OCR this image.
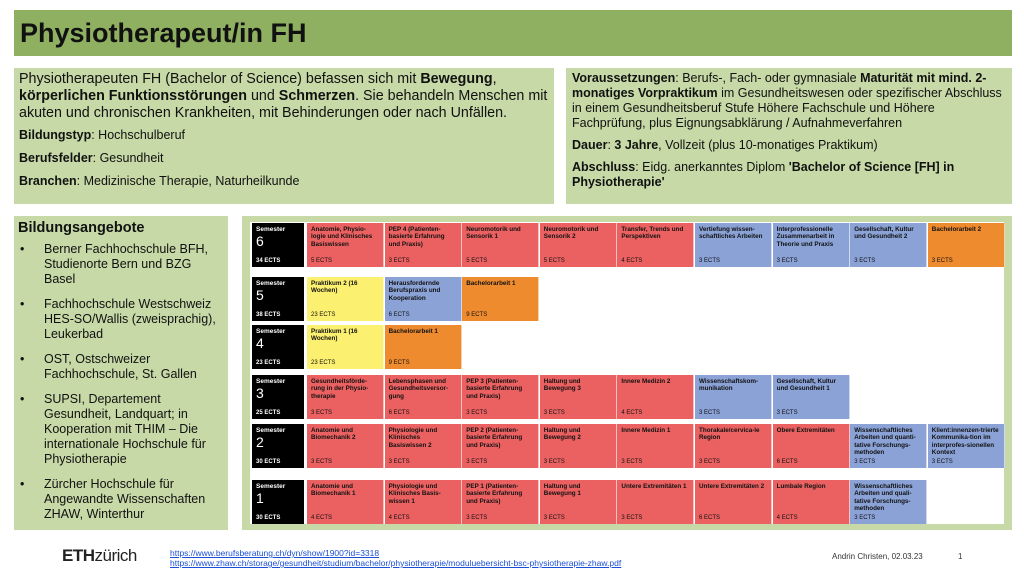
Physiotherapeut/in FH

Physiotherapeuten FH (Bachelor of Science) befassen sich mit Bewegung, körperlichen Funktionsstörungen und Schmerzen. Sie behandeln Menschen mit akuten und chronischen Krankheiten, mit Behinderungen oder nach Unfällen.

Bildungstyp: Hochschulberuf

Berufsfelder: Gesundheit

Branchen: Medizinische Therapie, Naturheilkunde

Voraussetzungen: Berufs-, Fach- oder gymnasiale Maturität mit mind. 2-monatiges Vorpraktikum im Gesundheitswesen oder spezifischer Abschluss in einem Gesundheitsberuf Stufe Höhere Fachschule und Höhere Fachprüfung, plus Eignungsabklärung / Aufnahmeverfahren

Dauer: 3 Jahre, Vollzeit (plus 10-monatiges Praktikum)

Abschluss: Eidg. anerkanntes Diplom 'Bachelor of Science [FH] in Physiotherapie'

Bildungsangebote
• Berner Fachhochschule BFH, Studienorte Bern und BZG Basel
• Fachhochschule Westschweiz HES-SO/Wallis (zweisprachig), Leukerbad
• OST, Ostschweizer Fachhochschule, St. Gallen
• SUPSI, Departement Gesundheit, Landquart; in Kooperation mit THIM – Die internationale Hochschule für Physiotherapie
• Zürcher Hochschule für Angewandte Wissenschaften ZHAW, Winterthur
Semester
6
34 ECTS
Anatomie, Physio-logie und Klinisches Basiswissen
5 ECTS
PEP 4 (Patienten-basierte Erfahrung und Praxis)
3 ECTS
Neuromotorik und Sensorik 1
5 ECTS
Neuromotorik und Sensorik 2
5 ECTS
Transfer, Trends und Perspektiven
4 ECTS
Vertiefung wissen-schaftliches Arbeiten
3 ECTS
Interprofessionelle Zusammenarbeit in Theorie und Praxis
3 ECTS
Gesellschaft, Kultur und Gesundheit 2
3 ECTS
Bachelorarbeit 2
3 ECTS
Semester
5
38 ECTS
Praktikum 2 (16 Wochen)
23 ECTS
Herausfordernde Berufspraxis und Kooperation
6 ECTS
Bachelorarbeit 1
9 ECTS
Semester
4
23 ECTS
Praktikum 1 (16 Wochen)
23 ECTS
Bachelorarbeit 1
9 ECTS
Semester
3
25 ECTS
Gesundheitsförde-rung in der Physio-therapie
3 ECTS
Lebensphasen und Gesundheitsversor-gung
6 ECTS
PEP 3 (Patienten-basierte Erfahrung und Praxis)
3 ECTS
Haltung und Bewegung 3
3 ECTS
Innere Medizin 2
4 ECTS
Wissenschaftskom-munikation
3 ECTS
Gesellschaft, Kultur und Gesundheit 1
3 ECTS
Semester
2
30 ECTS
Anatomie und Biomechanik 2
3 ECTS
Physiologie und Klinisches Basiswissen 2
3 ECTS
PEP 2 (Patienten-basierte Erfahrung und Praxis)
3 ECTS
Haltung und Bewegung 2
3 ECTS
Innere Medizin 1
3 ECTS
Thorakale/cervica-le Region
3 ECTS
Obere Extremitäten
6 ECTS
Wissenschaftliches Arbeiten und quanti-tative Forschungs-methoden
3 ECTS
Klient:innenzen-trierte Kommunika-tion im interprofes-sionellen Kontext
3 ECTS
Semester
1
30 ECTS
Anatomie und Biomechanik 1
4 ECTS
Physiologie und Klinisches Basis-wissen 1
4 ECTS
PEP 1 (Patienten-basierte Erfahrung und Praxis)
3 ECTS
Haltung und Bewegung 1
3 ECTS
Untere Extremitäten 1
3 ECTS
Untere Extremitäten 2
6 ECTS
Lumbale Region
4 ECTS
Wissenschaftliches Arbeiten und quali-tative Forschungs-methoden
3 ECTS
ETHzürich	https://www.berufsberatung.ch/dyn/show/1900?id=3318
https://www.zhaw.ch/storage/gesundheit/studium/bachelor/physiotherapie/moduluebersicht-bsc-physiotherapie-zhaw.pdf
Andrin Christen, 02.03.23	1
